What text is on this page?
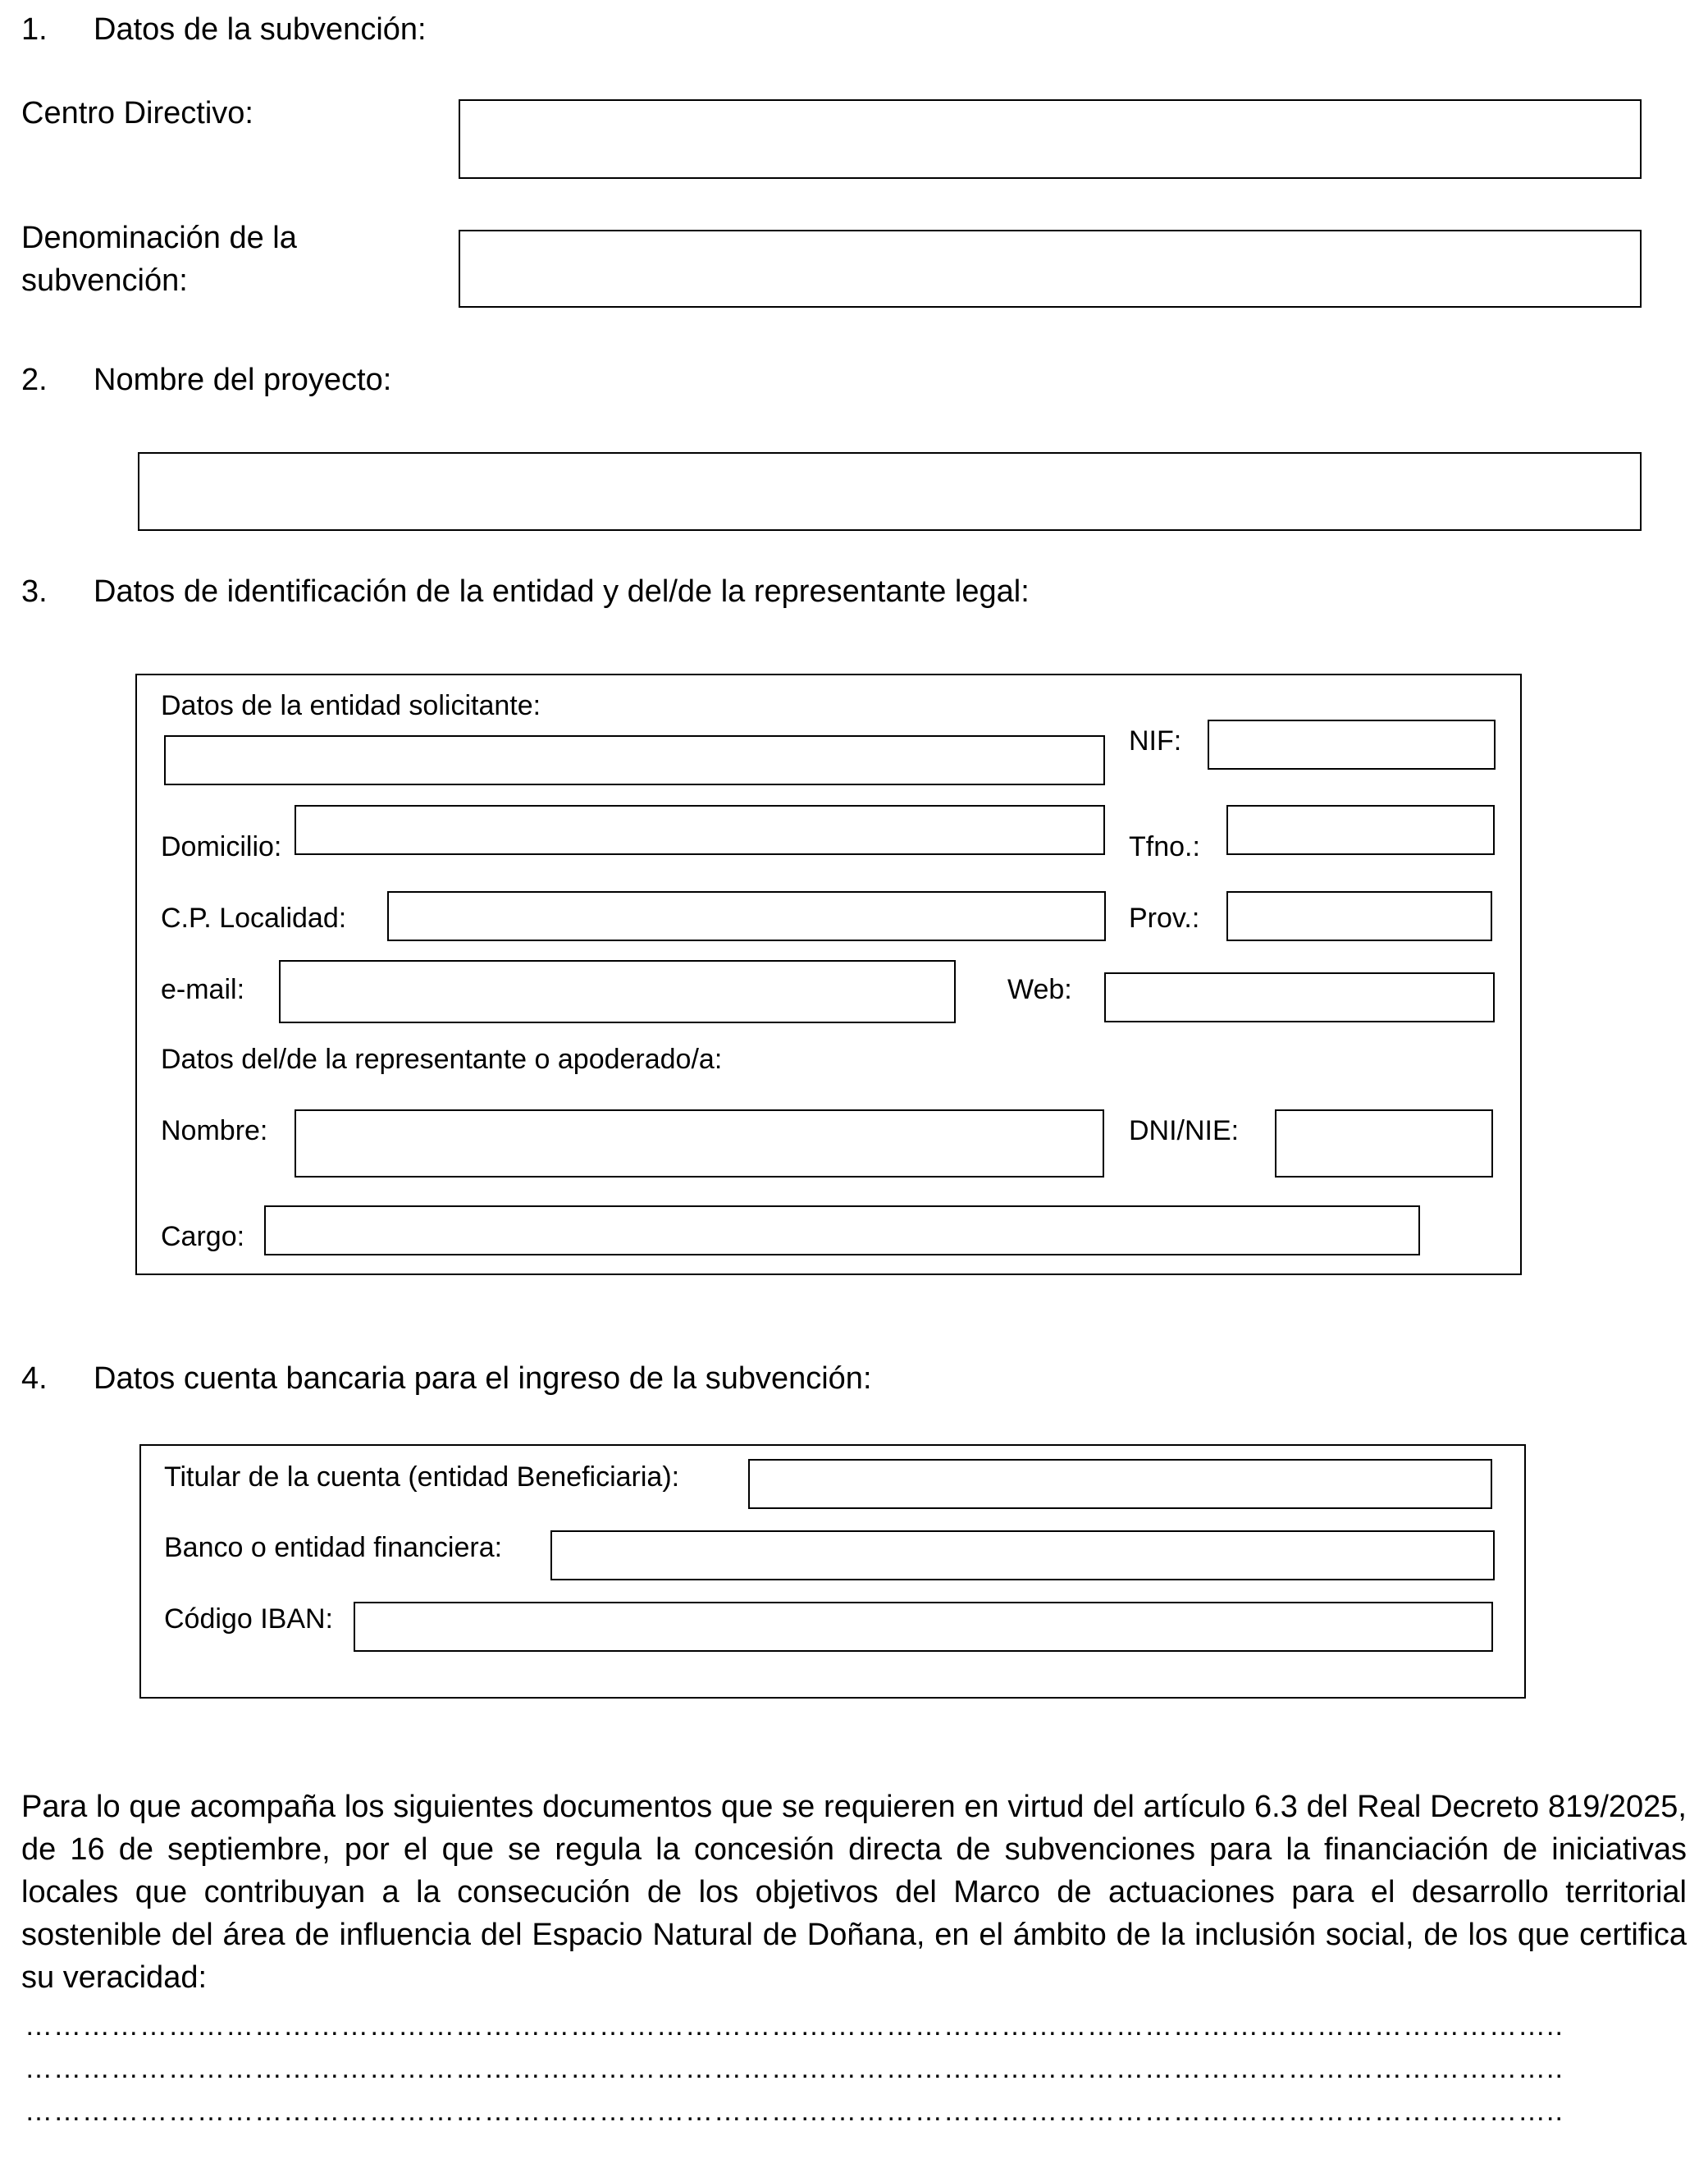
1. Datos de la subvención:
Centro Directivo:
Denominación de la
subvención:
2. Nombre del proyecto:
3. Datos de identificación de la entidad y del/de la representante legal:
Datos de la entidad solicitante:
NIF:
Domicilio:	Tfno.:
C.P. Localidad:	Prov.:
e-mail:	Web:
Datos del/de la representante o apoderado/a:
Nombre:	DNI/NIE:
Cargo:
4. Datos cuenta bancaria para el ingreso de la subvención:
Titular de la cuenta (entidad Beneficiaria):
Banco o entidad financiera:
Código IBAN:
Para lo que acompaña los siguientes documentos que se requieren en virtud del artículo 6.3 del Real Decreto 819/2025, de 16 de septiembre, por el que se regula la concesión directa de subvenciones para la financiación de iniciativas locales que contribuyan a la consecución de los objetivos del Marco de actuaciones para el desarrollo territorial sostenible del área de influencia del Espacio Natural de Doñana, en el ámbito de la inclusión social, de los que certifica su veracidad:
……………………………………………………………………………………………………………………………………………..
……………………………………………………………………………………………………………………………………………..
……………………………………………………………………………………………………………………………………………..
